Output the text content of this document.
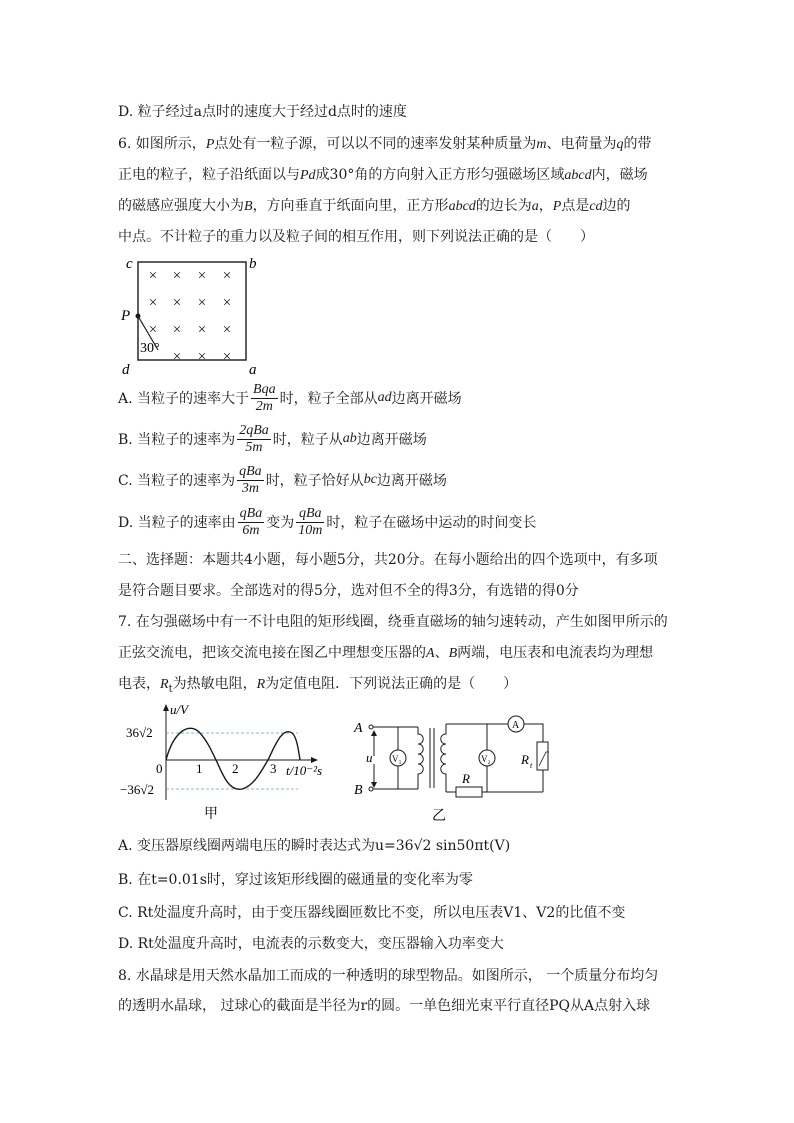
D. 粒子经过a点时的速度大于经过d点时的速度
6. 如图所示，P点处有一粒子源，可以以不同的速率发射某种质量为m、电荷量为q的带
正电的粒子，粒子沿纸面以与Pd成30°角的方向射入正方形匀强磁场区域abcd内，磁场
的磁感应强度大小为B，方向垂直于纸面向里，正方形abcd的边长为a，P点是cd边的
中点。不计粒子的重力以及粒子间的相互作用，则下列说法正确的是（　　）
c	b
P
d	a
30°
× × × ×
× × × ×
× × × ×
× × ×
A. 当粒子的速率大于 $\frac{\text{Bqa}}{2m}$ 时，粒子全部从 ad 边离开磁场
B. 当粒子的速率为 $\frac{\text{2qBa}}{5m}$ 时，粒子从 ab 边离开磁场
C. 当粒子的速率为 $\frac{\text{qBa}}{3m}$ 时，粒子恰好从 bc 边离开磁场
D. 当粒子的速率由 $\frac{\text{qBa}}{6m}$ 变为 $\frac{\text{qBa}}{10m}$ 时，粒子在磁场中运动的时间变长
二、选择题：本题共4小题，每小题5分，共20分。在每小题给出的四个选项中，有多项
是符合题目要求。全部选对的得5分，选对但不全的得3分，有选错的得0分
7. 在匀强磁场中有一不计电阻的矩形线圈，绕垂直磁场的轴匀速转动，产生如图甲所示的
正弦交流电，把该交流电接在图乙中理想变压器的A、B两端，电压表和电流表均为理想
电表，$R_t$为热敏电阻，R为定值电阻．下列说法正确的是（　　）
u/V
36√2
−36√2
0	1 2 3 t/10⁻²s
甲
A
B
u V₁
A
V₂ R t
R
乙
A. 变压器原线圈两端电压的瞬时表达式为u=36√2 sin50πt(V)
B. 在t=0.01s时，穿过该矩形线圈的磁通量的变化率为零
C. Rt处温度升高时，由于变压器线圈匝数比不变，所以电压表V1、V2的比值不变
D. Rt处温度升高时，电流表的示数变大，变压器输入功率变大
8. 水晶球是用天然水晶加工而成的一种透明的球型物品。如图所示， 一个质量分布均匀
的透明水晶球， 过球心的截面是半径为r的圆。一单色细光束平行直径PQ从A点射入球
